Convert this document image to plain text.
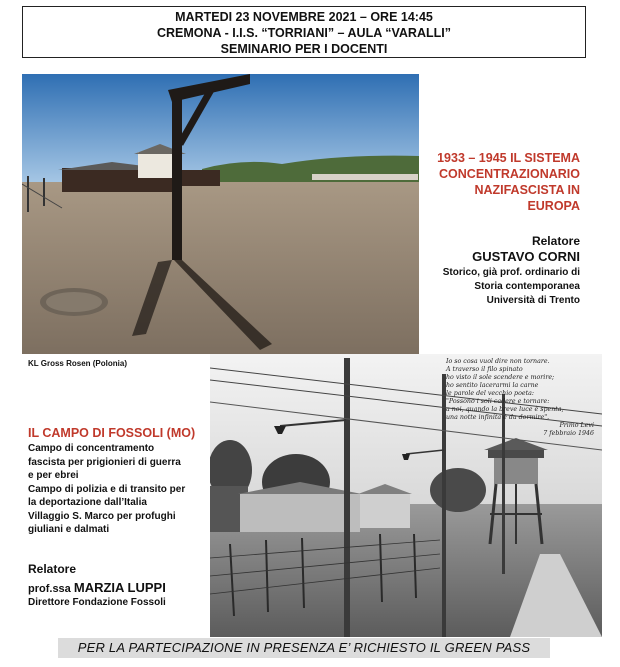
MARTEDI 23 NOVEMBRE 2021 – ORE 14:45
CREMONA - I.I.S. “TORRIANI” – AULA “VARALLI”
SEMINARIO PER I DOCENTI
1933 – 1945 IL SISTEMA
CONCENTRAZIONARIO
NAZIFASCISTA IN
EUROPA
Relatore
GUSTAVO CORNI
Storico, già prof. ordinario di
Storia contemporanea
Università di Trento
KL Gross Rosen (Polonia)	Io so cosa vuol dire non tornare.
A traverso il filo spinato
ho visto il sole scendere e morire;
ho sentito lacerarmi la carne
le parole del vecchio poeta:
"Possono i soli cadere e tornare:
a noi, quando la breve luce è spenta,
una notte infinita è da dormire".
Primo Levi
7 febbraio 1946
IL CAMPO DI FOSSOLI (MO)
Campo di concentramento
fascista per prigionieri di guerra
e per ebrei
Campo di polizia e di transito per
la deportazione dall’Italia
Villaggio S. Marco per profughi
giuliani e dalmati
Relatore
prof.ssa MARZIA LUPPI
Direttore Fondazione Fossoli
PER LA PARTECIPAZIONE IN PRESENZA E’ RICHIESTO IL GREEN PASS
